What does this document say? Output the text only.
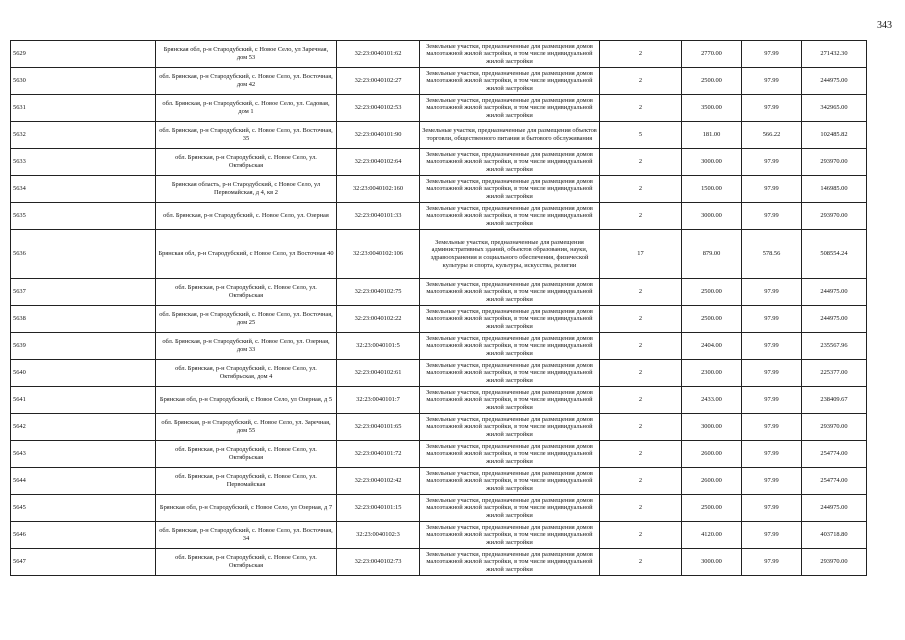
343
5629	Брянская обл, р-н Стародубский, с Новое Село, ул Заречная, дом 53	32:23:0040101:62	Земельные участки, предназначенные для размещения домов малоэтажной жилой застройки, в том числе индивидуальной жилой застройки	2	2770.00	97.99	271432.30
5630	обл. Брянская, р-н Стародубский, с. Новое Село, ул. Восточная, дом 42	32:23:0040102:27	Земельные участки, предназначенные для размещения домов малоэтажной жилой застройки, в том числе индивидуальной жилой застройки	2	2500.00	97.99	244975.00
5631	обл. Брянская, р-н Стародубский, с. Новое Село, ул. Садовая, дом 1	32:23:0040102:53	Земельные участки, предназначенные для размещения домов малоэтажной жилой застройки, в том числе индивидуальной жилой застройки	2	3500.00	97.99	342965.00
5632	обл. Брянская, р-н Стародубский, с. Новое Село, ул. Восточная, 35	32:23:0040101:90	Земельные участки, предназначенные для размещения объектов торговли, общественного питания и бытового обслуживания	5	181.00	566.22	102485.82
5633	обл. Брянская, р-н Стародубский, с. Новое Село, ул. Октябрьская	32:23:0040102:64	Земельные участки, предназначенные для размещения домов малоэтажной жилой застройки, в том числе индивидуальной жилой застройки	2	3000.00	97.99	293970.00
5634	Брянская область, р-н Стародубский, с Новое Село, ул Первомайская, д 4, кв 2	32:23:0040102:160	Земельные участки, предназначенные для размещения домов малоэтажной жилой застройки, в том числе индивидуальной жилой застройки	2	1500.00	97.99	146985.00
5635	обл. Брянская, р-н Стародубский, с. Новое Село, ул. Озерная	32:23:0040101:33	Земельные участки, предназначенные для размещения домов малоэтажной жилой застройки, в том числе индивидуальной жилой застройки	2	3000.00	97.99	293970.00
5636	Брянская обл, р-н Стародубский, с Новое Село, ул Восточная 40	32:23:0040102:106	Земельные участки, предназначенные для размещения административных зданий, объектов образования, науки, здравоохранения и социального обеспечения, физической культуры и спорта, культуры, искусства, религии	17	879.00	578.56	508554.24
5637	обл. Брянская, р-н Стародубский, с. Новое Село, ул. Октябрьская	32:23:0040102:75	Земельные участки, предназначенные для размещения домов малоэтажной жилой застройки, в том числе индивидуальной жилой застройки	2	2500.00	97.99	244975.00
5638	обл. Брянская, р-н Стародубский, с. Новое Село, ул. Восточная, дом 25	32:23:0040102:22	Земельные участки, предназначенные для размещения домов малоэтажной жилой застройки, в том числе индивидуальной жилой застройки	2	2500.00	97.99	244975.00
5639	обл. Брянская, р-н Стародубский, с. Новое Село, ул. Озерная, дом 33	32:23:0040101:5	Земельные участки, предназначенные для размещения домов малоэтажной жилой застройки, в том числе индивидуальной жилой застройки	2	2404.00	97.99	235567.96
5640	обл. Брянская, р-н Стародубский, с. Новое Село, ул. Октябрьская, дом 4	32:23:0040102:61	Земельные участки, предназначенные для размещения домов малоэтажной жилой застройки, в том числе индивидуальной жилой застройки	2	2300.00	97.99	225377.00
5641	Брянская обл, р-н Стародубский, с Новое Село, ул Озерная, д 5	32:23:0040101:7	Земельные участки, предназначенные для размещения домов малоэтажной жилой застройки, в том числе индивидуальной жилой застройки	2	2433.00	97.99	238409.67
5642	обл. Брянская, р-н Стародубский, с. Новое Село, ул. Заречная, дом 55	32:23:0040101:65	Земельные участки, предназначенные для размещения домов малоэтажной жилой застройки, в том числе индивидуальной жилой застройки	2	3000.00	97.99	293970.00
5643	обл. Брянская, р-н Стародубский, с. Новое Село, ул. Октябрьская	32:23:0040101:72	Земельные участки, предназначенные для размещения домов малоэтажной жилой застройки, в том числе индивидуальной жилой застройки	2	2600.00	97.99	254774.00
5644	обл. Брянская, р-н Стародубский, с. Новое Село, ул. Первомайская	32:23:0040102:42	Земельные участки, предназначенные для размещения домов малоэтажной жилой застройки, в том числе индивидуальной жилой застройки	2	2600.00	97.99	254774.00
5645	Брянская обл, р-н Стародубский, с Новое Село, ул Озерная, д 7	32:23:0040101:15	Земельные участки, предназначенные для размещения домов малоэтажной жилой застройки, в том числе индивидуальной жилой застройки	2	2500.00	97.99	244975.00
5646	обл. Брянская, р-н Стародубский, с. Новое Село, ул. Восточная, 34	32:23:0040102:3	Земельные участки, предназначенные для размещения домов малоэтажной жилой застройки, в том числе индивидуальной жилой застройки	2	4120.00	97.99	403718.80
5647	обл. Брянская, р-н Стародубский, с. Новое Село, ул. Октябрьская	32:23:0040102:73	Земельные участки, предназначенные для размещения домов малоэтажной жилой застройки, в том числе индивидуальной жилой застройки	2	3000.00	97.99	293970.00
